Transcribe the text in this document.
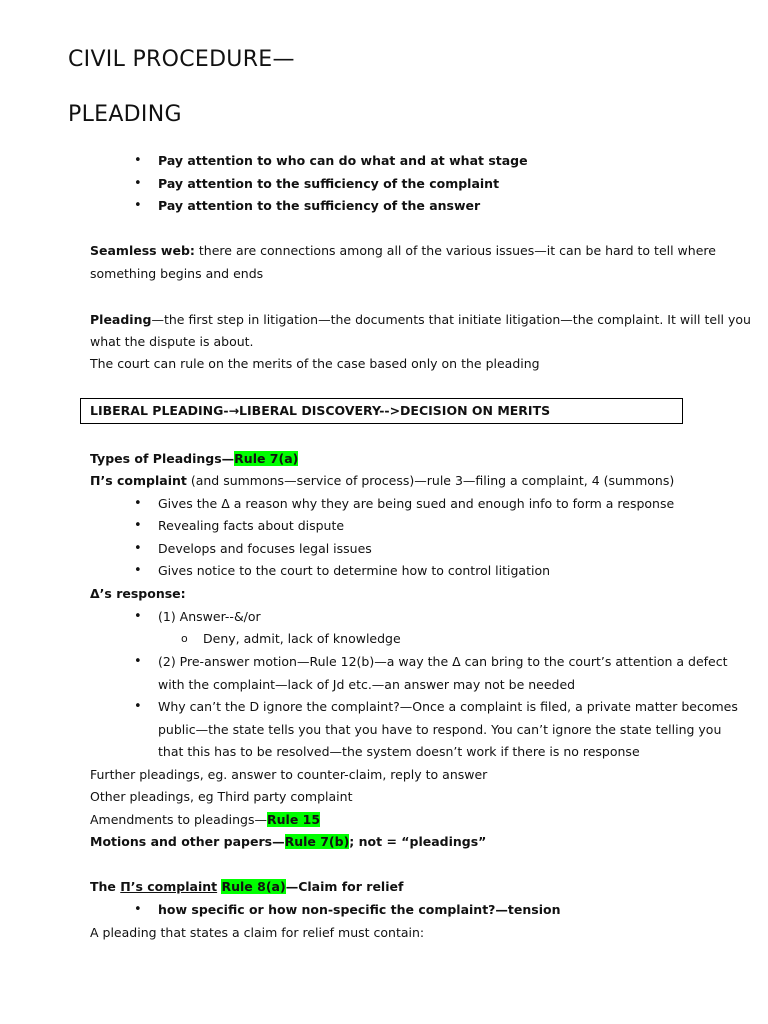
CIVIL PROCEDURE—
PLEADING
• Pay attention to who can do what and at what stage
• Pay attention to the sufficiency of the complaint
• Pay attention to the sufficiency of the answer
Seamless web: there are connections among all of the various issues—it can be hard to tell where
something begins and ends
Pleading—the first step in litigation—the documents that initiate litigation—the complaint. It will tell you
what the dispute is about.
The court can rule on the merits of the case based only on the pleading
LIBERAL PLEADING-→LIBERAL DISCOVERY-->DECISION ON MERITS
Types of Pleadings—Rule 7(a)
Π’s complaint (and summons—service of process)—rule 3—filing a complaint, 4 (summons)
• Gives the Δ a reason why they are being sued and enough info to form a response
• Revealing facts about dispute
• Develops and focuses legal issues
• Gives notice to the court to determine how to control litigation
Δ’s response:
• (1) Answer--&/or
o Deny, admit, lack of knowledge
• (2) Pre-answer motion—Rule 12(b)—a way the Δ can bring to the court’s attention a defect
with the complaint—lack of Jd etc.—an answer may not be needed
• Why can’t the D ignore the complaint?—Once a complaint is filed, a private matter becomes
public—the state tells you that you have to respond. You can’t ignore the state telling you
that this has to be resolved—the system doesn’t work if there is no response
Further pleadings, eg. answer to counter-claim, reply to answer
Other pleadings, eg Third party complaint
Amendments to pleadings—Rule 15
Motions and other papers—Rule 7(b); not = “pleadings”
The Π’s complaint Rule 8(a)—Claim for relief
• how specific or how non-specific the complaint?—tension
A pleading that states a claim for relief must contain:
